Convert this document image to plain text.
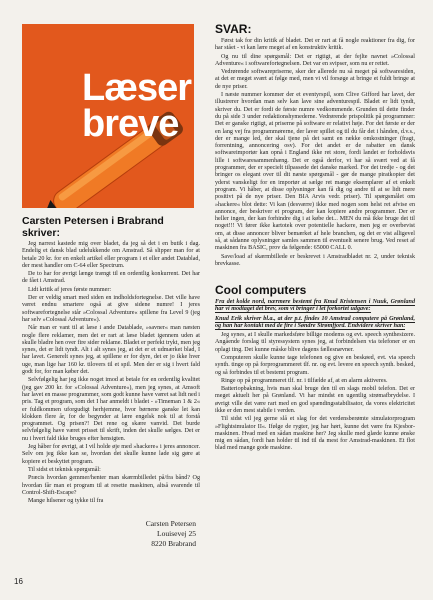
Læser breve
Carsten Petersen i Brabrand skriver:

Jeg narrest kastede mig over bladet, da jeg så det i en butik i dag. Endelig et dansk blad udelukkende om Amstrad. Så slipper man for at betale 20 kr. for en enkelt artikel eller program i et eller andet Datablad, der mest handler om C-64 eller Spectrum.

De to har for øvrigt længe trængt til en ordentlig konkurrent. Det har de fået i Amstrad.

Lidt kritik af jeres første nummer:

Der er veldig smart med siden en indholdsfortegnelse. Det ville have været endnu smartere også at give sidene numre! I jeres softwarefortegnelse står »Colossal Adventure« spillene fra Level 9 (jeg har selv »Colossal Adventure«).

Når man er vant til at læse i ande Datablade, »savner« man næsten nogle flere reklamer, men det er rart at læse bladet igennem uden at skulle bladre hen over fire sider reklame. Bladet er perfekt trykt, men jeg synes, det er lidt tyndt. Alt i alt synes jeg, at det er et udmærket blad, I har lavet. Generelt synes jeg, at spillene er for dyre, det er jo ikke hver uge, man lige har 160 kr. tilovers til et spil. Men der er sig i hvert fald godt for, for man køber det.

Selvfølgelig har jeg ikke noget imod at betale for en ordentlig kvalitet (jeg gav 200 kr. for »Colossal Adventure«), men jeg synes, at Amsoft har lavet en masse programmer, som godt kunne have været sat lidt ned i pris. Tag et program, som det I har anmeldt i bladet - »Timeman 1 & 2« er fuldkommen uforgudigt herhjemme, hvor børnene ganske let kan klokken flere år, for de begynder at lære engelsk nok til at forstå programmet. Og prisen?! Det rene og skære vanvid. Det burde selvfølgelig have været prisset til skrift, inden det skulle sælges. Det er nu i hvert fald ikke bruges efter hensigten.

Jeg håber for øvrigt, at I vil holde øje med »hackere« i jeres annoncer. Selv om jeg ikke kan se, hvordan det skulle kunne lade sig gøre at kopiere et beskyttet program.

Til sidst et teknisk spørgsmål:

Præcis hvordan gemmer/henter man skærmbilledet på/fra bånd? Og hvordan får man et program til at resette maskinen, altså svarende til Control-Shift-Escape?

Mange hilsener og tykke til fra

Carsten Petersen
Louisevej 25
8220 Brabrand
SVAR:

Først tak for din kritik af bladet. Det er rart at få nogle reaktioner fra dig, for har stået - vi kan lære meget af en konstruktiv kritik.

Og nu til dine spørgsmål: Det er rigtigt, at der fejlte navnet »Colossal Adventure« i softwarefortegnelsen. Det var en svipser, som nu er rettet.

Vedrørende softwarepriserne, sker der allerede nu så meget på softwaresiden, at det er meget svært at følge med, men vi vil forsøge at bringe et fuldt bringe at de nye priser.

I næste nummer kommer der et eventyrspil, som Clive Gifford har lavet, der illustrerer hvordan man selv kan lave sine adventurespil. Bladet er lidt tyndt, skriver du. Det er fordi de første numre vedkommende. Grunden til dette finder du på side 3 under redaktionshymederne. Vedrørende prispolitik på programmer: Det er ganske rigtigt, at priserne på software er relativt høje. For det første er der en lang vej fra programmørerne, der laver spillet og til du får det i hånden, d.v.s., der er mange led, der skal tjene på det samt en række omkostninger (fragt, forrentning, annoncering osv). For det andet er de rabatter en dansk softwareimportør kan opnå i England ikke ret store, fordi landet er forholdsvis lille i softwaresammenhæng. Det er også derfor, vi har så svært ved at få programmer, der er specielt tilpassede det danske marked. For det tredje - og det bringer os elegant over til dit næste spørgsmål - gør de mange piratkopier det yderst vanskeligt for en importør at sælge ret mange eksemplarer af et enkelt program. Vi håber, at disse oplysninger kan få dig og andre til at se lidt mere positivt på de nye priser. Den BIA Arvis vedr. priser). Til spørgsmålet om »hackere« blot dette: Vi kan (desværre) ikke med nogen som helst ret afvise en annonce, der beskriver et program, der kan kopiere andre programmer. Der er heller ingen, der kan forhindre dig i at købe det... MEN du må ikke bruge det til noget!!! Vi fører ikke kartotek over potentielle hackere, men jeg er overbevist om, at disse annoncer bliver bemærket af hele branchen, og det er vist alligevel så, at sådanne oplysninger samles sammen til eventuelt senere brug. Ved reset af maskinen fra BASIC, prov da følgende: 65000 CALL 0.

Save/load af skærmbillede er beskrevet i Amstradbladet nr. 2, under teknisk brevkasse.

Cool computers

Fra det kolde nord, nærmere bestemt fra Knud Kristensen i Nuuk, Grønland har vi modtaget det brev, som vi bringer i let forkortet udgave:

Knud Erik skriver bl.a., at der p.t. findes 10 Amstrad computere på Grønland, og han har kontakt med de fire i Søndre Strømfjord. Endvidere skriver han:

Jeg synes, at I skulle markedsføre billige modems og evt. speech synthesizere. Angående forslag til styressystem synes jeg, at forbindelsen via telefoner er en oplagt ting. Det kunne måske blive dagens fællesnævner.

Computeren skulle kunne tage telefonen og give en beskøed, evt. via speech synth. tinge op på forprogrammeret tlf. nr. og evt. levere en speech synth. besked, og så forbindes til et bestemt program.

Ringe op på programmeret tlf. nr. i tilfælde af, at en alarm aktiveres.

Batteriopbakning, hvis man skal bruge den til en slags mobil telefon. Det er meget aktuelt her på Grønland. Vi har mindst en ugentlig strømafbrydelse. I øvrigt ville det være rart med en god spændingsstabilisator, da vores elektricitet ikke er den mest stabile i verden.

Til sidst vil jeg gerne slå et slag for det verdensberømte simulatorprogram »Flightsimulator II«. Ifølge de rygter, jeg har hørt, kunne det være fra Kjesbor-maskinen. Hvad med en sådan maskine her? Jeg skulle med glæde kunne ønske mig en sådan, fordi han holder til ind til da mest for Amstrad-maskinen. Et flot blad med mange gode maskine.

16
